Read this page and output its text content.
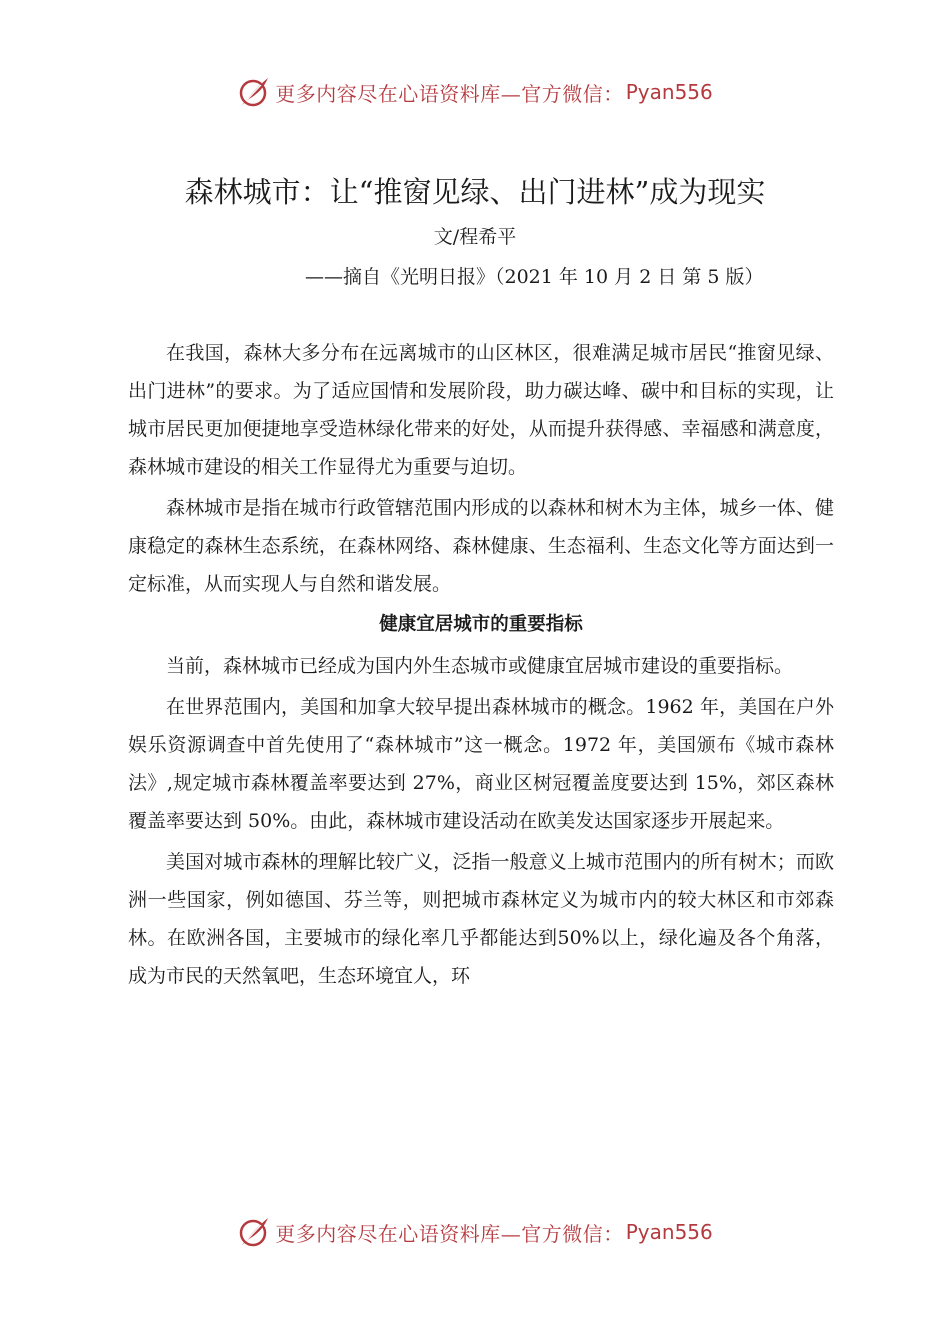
更多内容尽在心语资料库—官方微信： Pyan556
森林城市：让“推窗见绿、出门进林”成为现实
文/程希平
——摘自《光明日报》（2021 年 10 月 2 日 第 5 版）

在我国，森林大多分布在远离城市的山区林区，很难满足城市居民“推窗见绿、出门进林”的要求。为了适应国情和发展阶段，助力碳达峰、碳中和目标的实现，让城市居民更加便捷地享受造林绿化带来的好处，从而提升获得感、幸福感和满意度，森林城市建设的相关工作显得尤为重要与迫切。

森林城市是指在城市行政管辖范围内形成的以森林和树木为主体，城乡一体、健康稳定的森林生态系统，在森林网络、森林健康、生态福利、生态文化等方面达到一定标准，从而实现人与自然和谐发展。

健康宜居城市的重要指标

当前，森林城市已经成为国内外生态城市或健康宜居城市建设的重要指标。

在世界范围内，美国和加拿大较早提出森林城市的概念。1962 年，美国在户外娱乐资源调查中首先使用了“森林城市”这一概念。1972 年，美国颁布《城市森林法》,规定城市森林覆盖率要达到 27%，商业区树冠覆盖度要达到 15%，郊区森林覆盖率要达到 50%。由此，森林城市建设活动在欧美发达国家逐步开展起来。

美国对城市森林的理解比较广义，泛指一般意义上城市范围内的所有树木；而欧洲一些国家，例如德国、芬兰等，则把城市森林定义为城市内的较大林区和市郊森林。在欧洲各国，主要城市的绿化率几乎都能达到50%以上，绿化遍及各个角落，成为市民的天然氧吧，生态环境宜人，环

更多内容尽在心语资料库—官方微信： Pyan556
